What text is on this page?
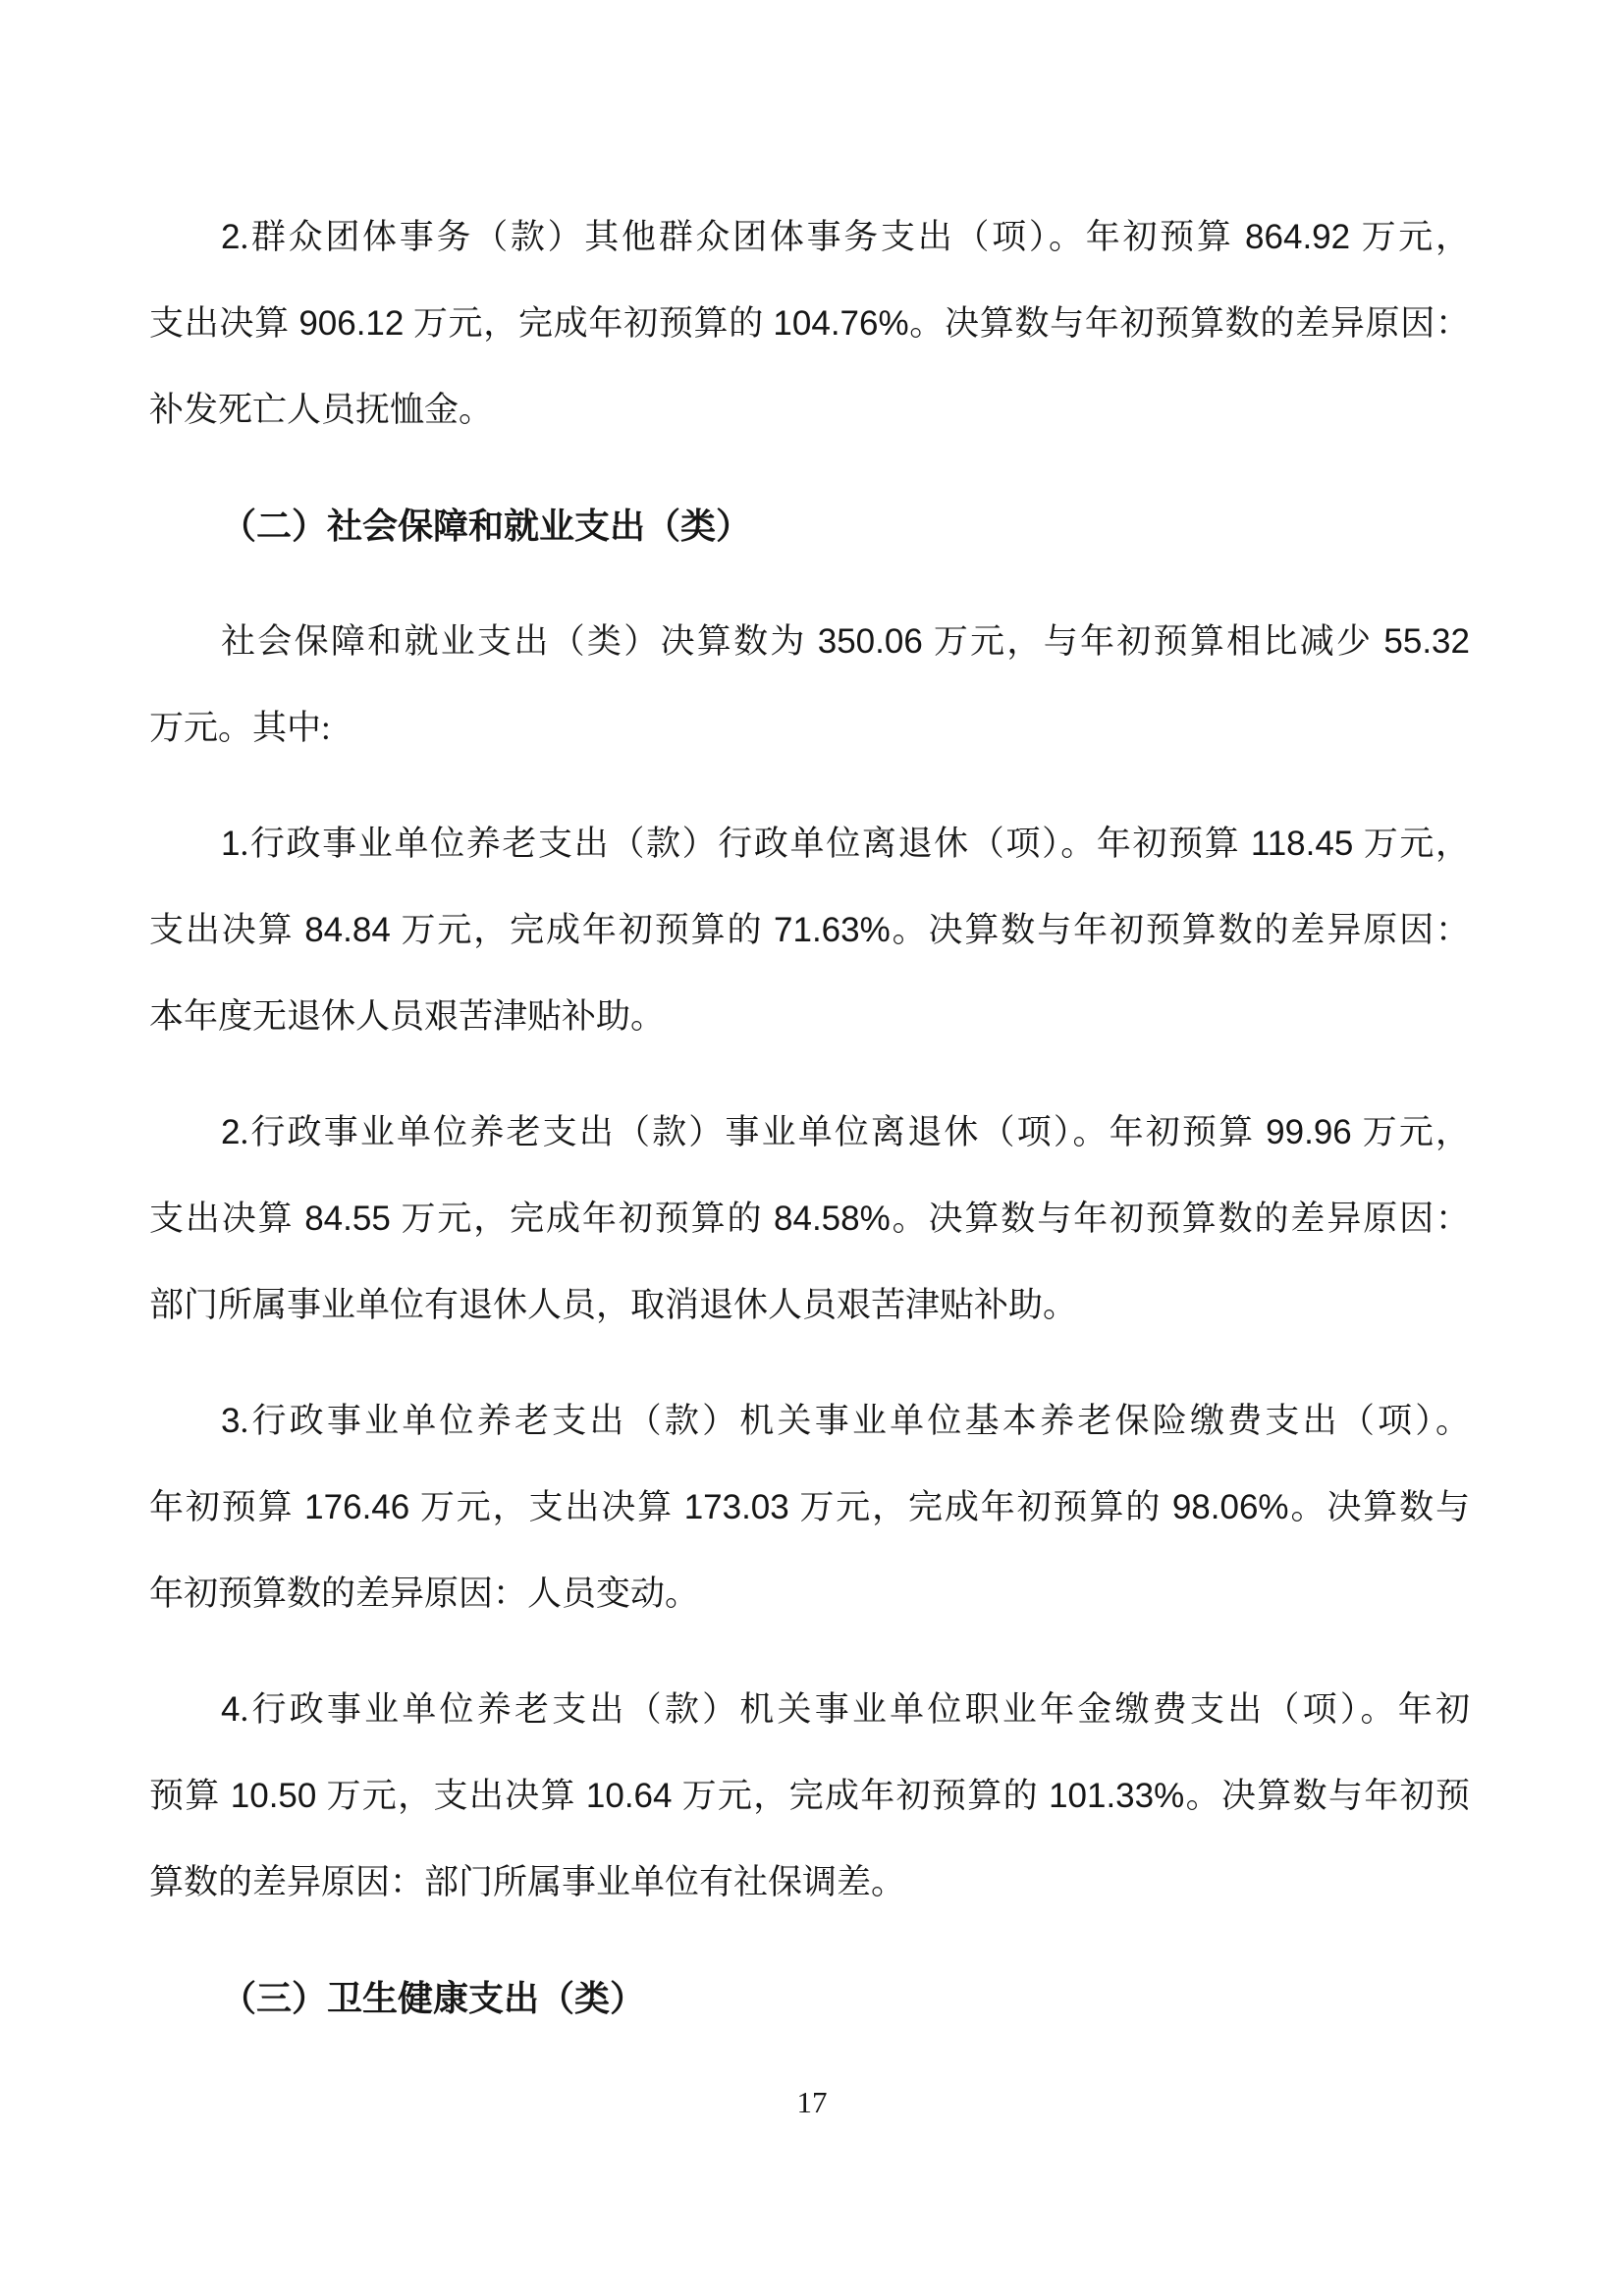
2.群众团体事务（款）其他群众团体事务支出（项）。年初预算 864.92 万元，
支出决算 906.12 万元，完成年初预算的 104.76%。决算数与年初预算数的差异原因：
补发死亡人员抚恤金。
（二）社会保障和就业支出（类）
社会保障和就业支出（类）决算数为 350.06 万元，与年初预算相比减少 55.32
万元。其中:
1.行政事业单位养老支出（款）行政单位离退休（项）。年初预算 118.45 万元，
支出决算 84.84 万元，完成年初预算的 71.63%。决算数与年初预算数的差异原因：
本年度无退休人员艰苦津贴补助。
2.行政事业单位养老支出（款）事业单位离退休（项）。年初预算 99.96 万元，
支出决算 84.55 万元，完成年初预算的 84.58%。决算数与年初预算数的差异原因：
部门所属事业单位有退休人员，取消退休人员艰苦津贴补助。
3.行政事业单位养老支出（款）机关事业单位基本养老保险缴费支出（项）。
年初预算 176.46 万元，支出决算 173.03 万元，完成年初预算的 98.06%。决算数与
年初预算数的差异原因：人员变动。
4.行政事业单位养老支出（款）机关事业单位职业年金缴费支出（项）。年初
预算 10.50 万元，支出决算 10.64 万元，完成年初预算的 101.33%。决算数与年初预
算数的差异原因：部门所属事业单位有社保调差。
（三）卫生健康支出（类）
17
